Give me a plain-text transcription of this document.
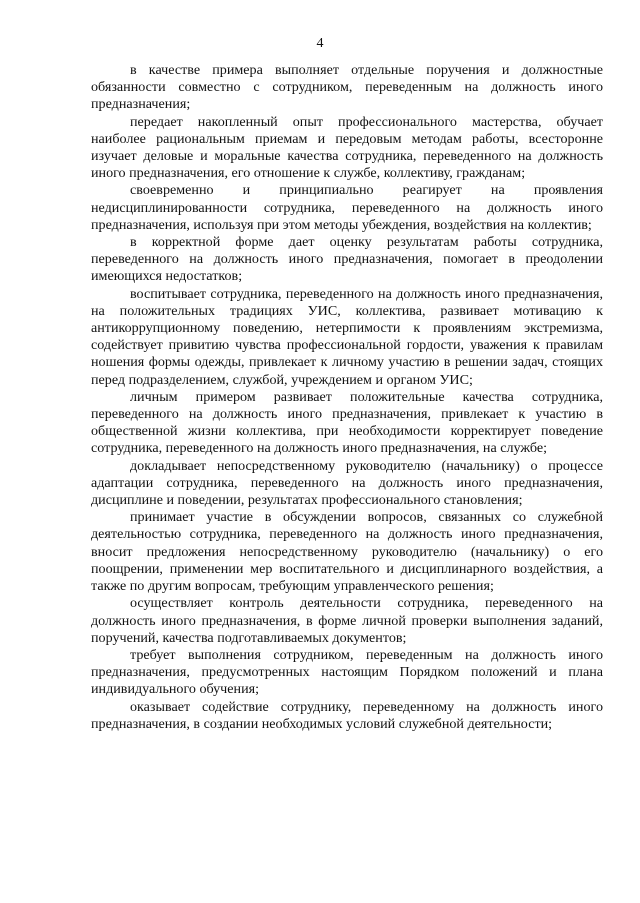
4

в качестве примера выполняет отдельные поручения и должностные обязанности совместно с сотрудником, переведенным на должность иного предназначения;

передает накопленный опыт профессионального мастерства, обучает наиболее рациональным приемам и передовым методам работы, всесторонне изучает деловые и моральные качества сотрудника, переведенного на должность иного предназначения, его отношение к службе, коллективу, гражданам;

своевременно и принципиально реагирует на проявления недисциплинированности сотрудника, переведенного на должность иного предназначения, используя при этом методы убеждения, воздействия на коллектив;

в корректной форме дает оценку результатам работы сотрудника, переведенного на должность иного предназначения, помогает в преодолении имеющихся недостатков;

воспитывает сотрудника, переведенного на должность иного предназначения, на положительных традициях УИС, коллектива, развивает мотивацию к антикоррупционному поведению, нетерпимости к проявлениям экстремизма, содействует привитию чувства профессиональной гордости, уважения к правилам ношения формы одежды, привлекает к личному участию в решении задач, стоящих перед подразделением, службой, учреждением и органом УИС;

личным примером развивает положительные качества сотрудника, переведенного на должность иного предназначения, привлекает к участию в общественной жизни коллектива, при необходимости корректирует поведение сотрудника, переведенного на должность иного предназначения, на службе;

докладывает непосредственному руководителю (начальнику) о процессе адаптации сотрудника, переведенного на должность иного предназначения, дисциплине и поведении, результатах профессионального становления;

принимает участие в обсуждении вопросов, связанных со служебной деятельностью сотрудника, переведенного на должность иного предназначения, вносит предложения непосредственному руководителю (начальнику) о его поощрении, применении мер воспитательного и дисциплинарного воздействия, а также по другим вопросам, требующим управленческого решения;

осуществляет контроль деятельности сотрудника, переведенного на должность иного предназначения, в форме личной проверки выполнения заданий, поручений, качества подготавливаемых документов;

требует выполнения сотрудником, переведенным на должность иного предназначения, предусмотренных настоящим Порядком положений и плана индивидуального обучения;

оказывает содействие сотруднику, переведенному на должность иного предназначения, в создании необходимых условий служебной деятельности;
